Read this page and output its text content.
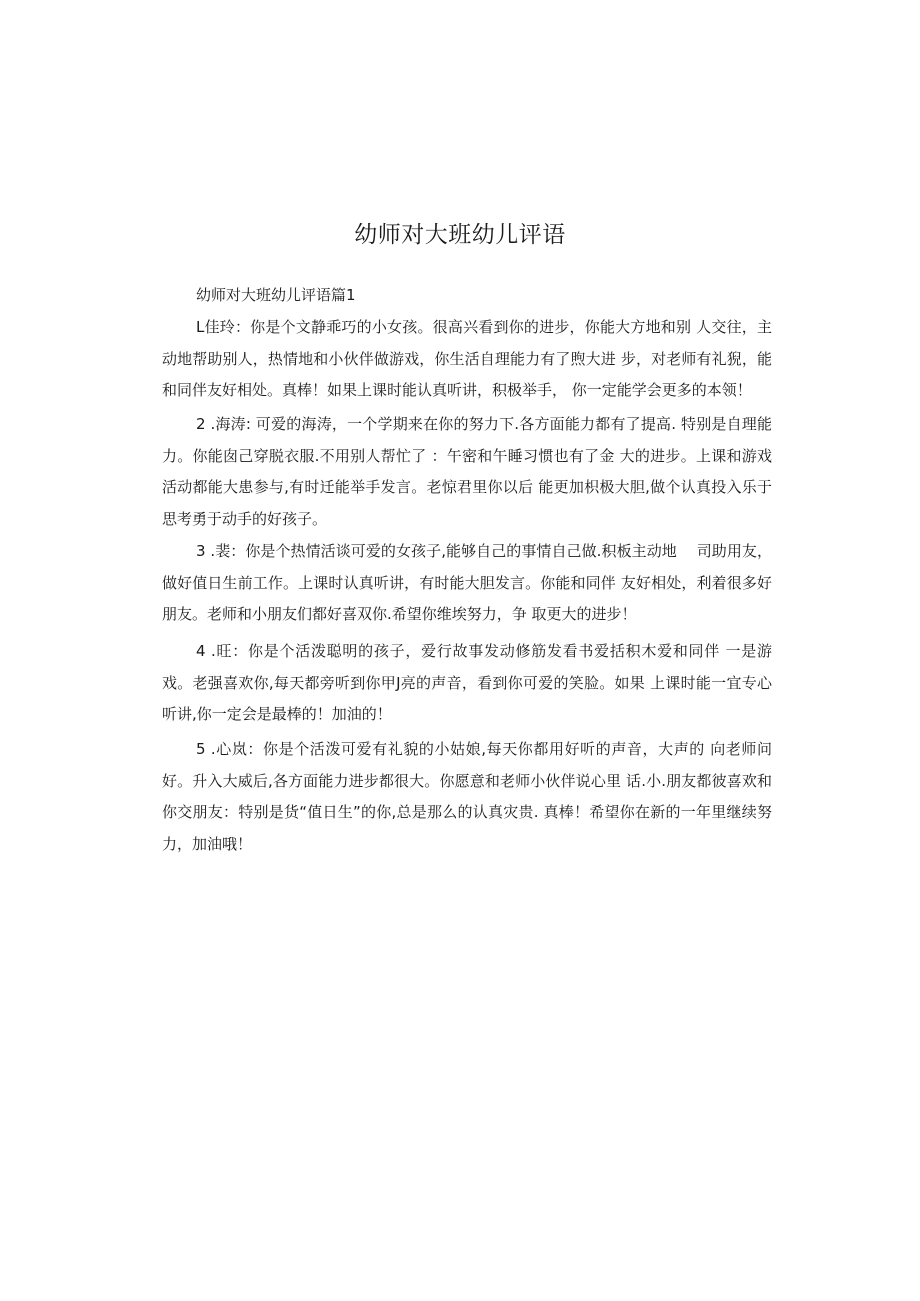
幼师对大班幼儿评语

幼师对大班幼儿评语篇1

L佳玲：你是个文静乖巧的小女孩。很高兴看到你的进步，你能大方地和别 人交往，主动地帮助别人，热情地和小伙伴做游戏，你生活自理能力有了煦大进 步，对老师有礼猊，能和同伴友好相处。真棒！如果上课时能认真听讲，积极举手， 你一定能学会更多的本领！

2 .海涛: 可爱的海涛，一个学期来在你的努力下.各方面能力都有了提高. 特别是自理能力。你能囱己穿脱衣服.不用别人帮忙了 ：午密和午睡习惯也有了金 大的进步。上课和游戏活动都能大患参与,有时迁能举手发言。老惊君里你以后 能更加枳极大胆,做个认真投入乐于思考勇于动手的好孩子。

3 .裴：你是个热情活谈可爱的女孩子,能够自己的事情自己做.积板主动地 　司助用友，做好值日生前工作。上课时认真听讲，有时能大胆发言。你能和同伴 友好相处，利着很多好朋友。老师和小朋友们都好喜双你.希望你维埃努力，争 取更大的进步！

4 .旺：你是个活泼聪明的孩子，爱行故事发动修筋发看书爱括积木爱和同伴 一是游戏。老强喜欢你,每天都旁听到你甲J亮的声音，看到你可爱的笑脸。如果 上课时能一宜专心听讲,你一定会是最棒的！加油的！

5 .心岚：你是个活泼可爱有礼貌的小姑娘,每天你都用好听的声音，大声的 向老师问好。升入大威后,各方面能力进步都很大。你愿意和老师小伙伴说心里 话.小.朋友都彼喜欢和你交朋友：特别是货“值日生”的你,总是那么的认真灾贵. 真棒！希望你在新的一年里继续努力，加油哦！
